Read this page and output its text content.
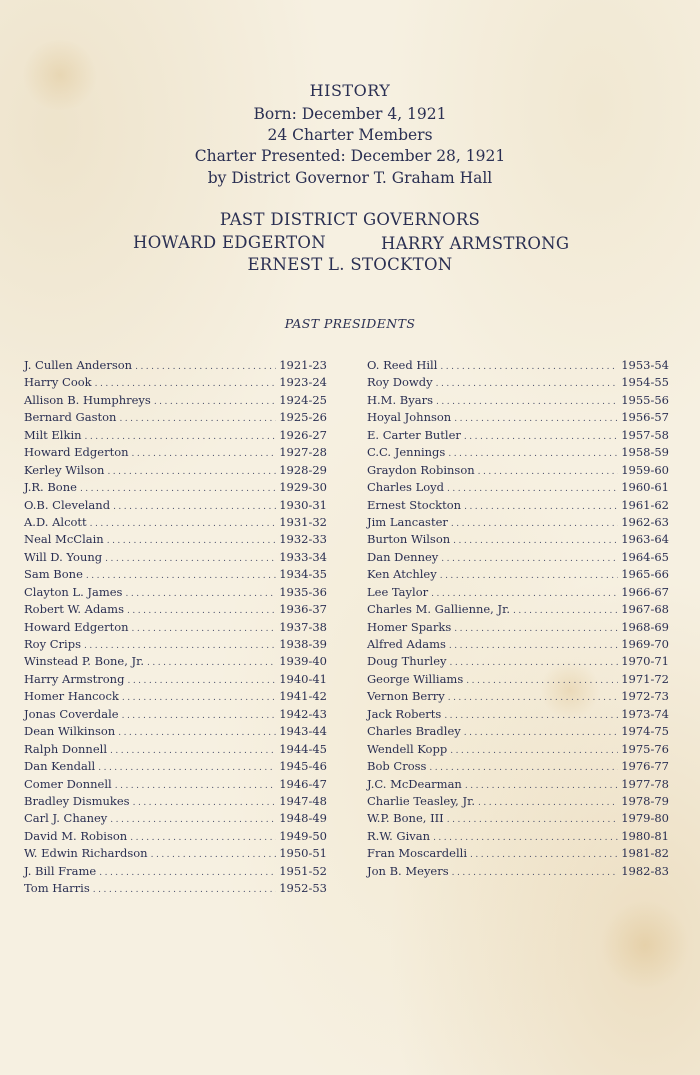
HISTORY
Born: December 4, 1921
24 Charter Members
Charter Presented: December 28, 1921
by District Governor T. Graham Hall
PAST DISTRICT GOVERNORS
HOWARD EDGERTON	HARRY ARMSTRONG
ERNEST L. STOCKTON
PAST PRESIDENTS
J. Cullen Anderson .....	1921-23
Harry Cook .....	1923-24
Allison B. Humphreys .....	1924-25
Bernard Gaston .....	1925-26
Milt Elkin .....	1926-27
Howard Edgerton .....	1927-28
Kerley Wilson .....	1928-29
J.R. Bone .....	1929-30
O.B. Cleveland .....	1930-31
A.D. Alcott .....	1931-32
Neal McClain .....	1932-33
Will D. Young .....	1933-34
Sam Bone .....	1934-35
Clayton L. James .....	1935-36
Robert W. Adams .....	1936-37
Howard Edgerton .....	1937-38
Roy Crips .....	1938-39
Winstead P. Bone, Jr. .....	1939-40
Harry Armstrong .....	1940-41
Homer Hancock .....	1941-42
Jonas Coverdale .....	1942-43
Dean Wilkinson .....	1943-44
Ralph Donnell .....	1944-45
Dan Kendall .....	1945-46
Comer Donnell .....	1946-47
Bradley Dismukes .....	1947-48
Carl J. Chaney .....	1948-49
David M. Robison .....	1949-50
W. Edwin Richardson .....	1950-51
J. Bill Frame .....	1951-52
Tom Harris .....	1952-53
O. Reed Hill .....	1953-54
Roy Dowdy .....	1954-55
H.M. Byars .....	1955-56
Hoyal Johnson .....	1956-57
E. Carter Butler .....	1957-58
C.C. Jennings .....	1958-59
Graydon Robinson .....	1959-60
Charles Loyd .....	1960-61
Ernest Stockton .....	1961-62
Jim Lancaster .....	1962-63
Burton Wilson .....	1963-64
Dan Denney .....	1964-65
Ken Atchley .....	1965-66
Lee Taylor .....	1966-67
Charles M. Gallienne, Jr. .....	1967-68
Homer Sparks .....	1968-69
Alfred Adams .....	1969-70
Doug Thurley .....	1970-71
George Williams .....	1971-72
Vernon Berry .....	1972-73
Jack Roberts .....	1973-74
Charles Bradley .....	1974-75
Wendell Kopp .....	1975-76
Bob Cross .....	1976-77
J.C. McDearman .....	1977-78
Charlie Teasley, Jr. .....	1978-79
W.P. Bone, III .....	1979-80
R.W. Givan .....	1980-81
Fran Moscardelli .....	1981-82
Jon B. Meyers .....	1982-83
